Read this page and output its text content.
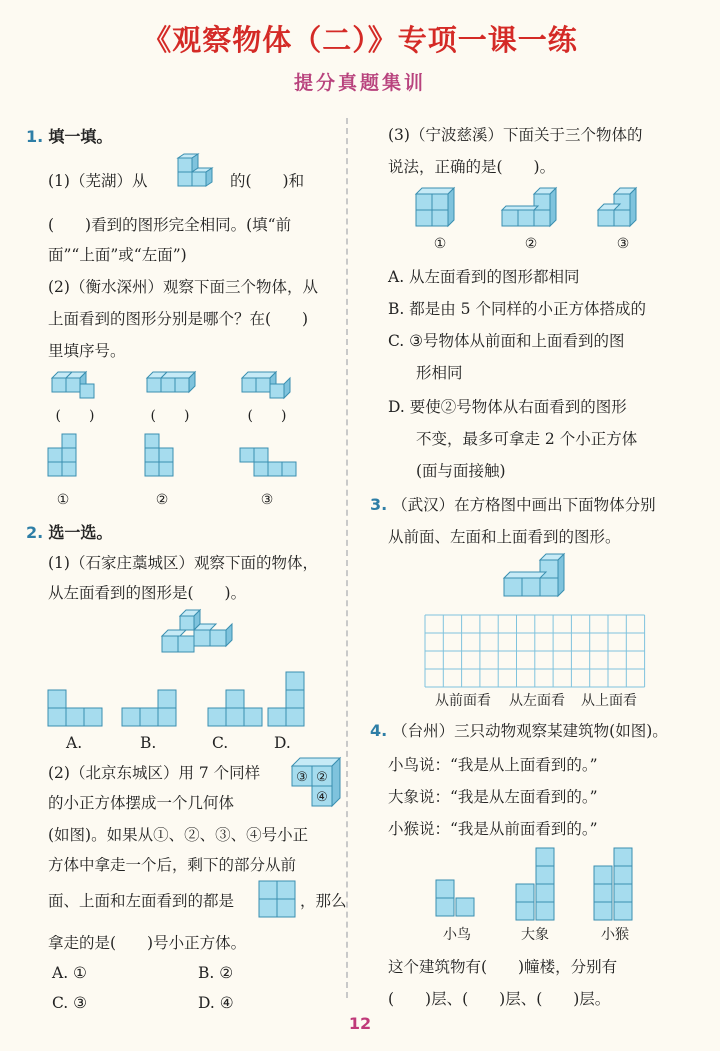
《观察物体（二）》专项一课一练
提分真题集训
1. 填一填。
(1)（芜湖）从	的(　　)和
(　　)看到的图形完全相同。(填“前
面”“上面”或“左面”)
(2)（衡水深州）观察下面三个物体，从
上面看到的图形分别是哪个？在(　　)
里填序号。
(　　)	(　　)	(　　)
①	②	③
2. 选一选。
(1)（石家庄藁城区）观察下面的物体，
从左面看到的图形是(　　)。
A.	B.	C.	D.
(2)（北京东城区）用 7 个同样
的小正方体摆成一个几何体
③ ②
④
(如图)。如果从①、②、③、④号小正
方体中拿走一个后，剩下的部分从前
面、上面和左面看到的都是	，那么
拿走的是(　　)号小正方体。
A. ①	B. ②
C. ③	D. ④
(3)（宁波慈溪）下面关于三个物体的
说法，正确的是(　　)。
①	②	③
A. 从左面看到的图形都相同
B. 都是由 5 个同样的小正方体搭成的
C. ③号物体从前面和上面看到的图
形相同
D. 要使②号物体从右面看到的图形
不变，最多可拿走 2 个小正方体
(面与面接触)
3. （武汉）在方格图中画出下面物体分别
从前面、左面和上面看到的图形。
从前面看	从左面看	从上面看
4. （台州）三只动物观察某建筑物(如图)。
小鸟说：“我是从上面看到的。”
大象说：“我是从左面看到的。”
小猴说：“我是从前面看到的。”
小鸟	大象	小猴
这个建筑物有(　　)幢楼，分别有
(　　)层、(　　)层、(　　)层。
12
